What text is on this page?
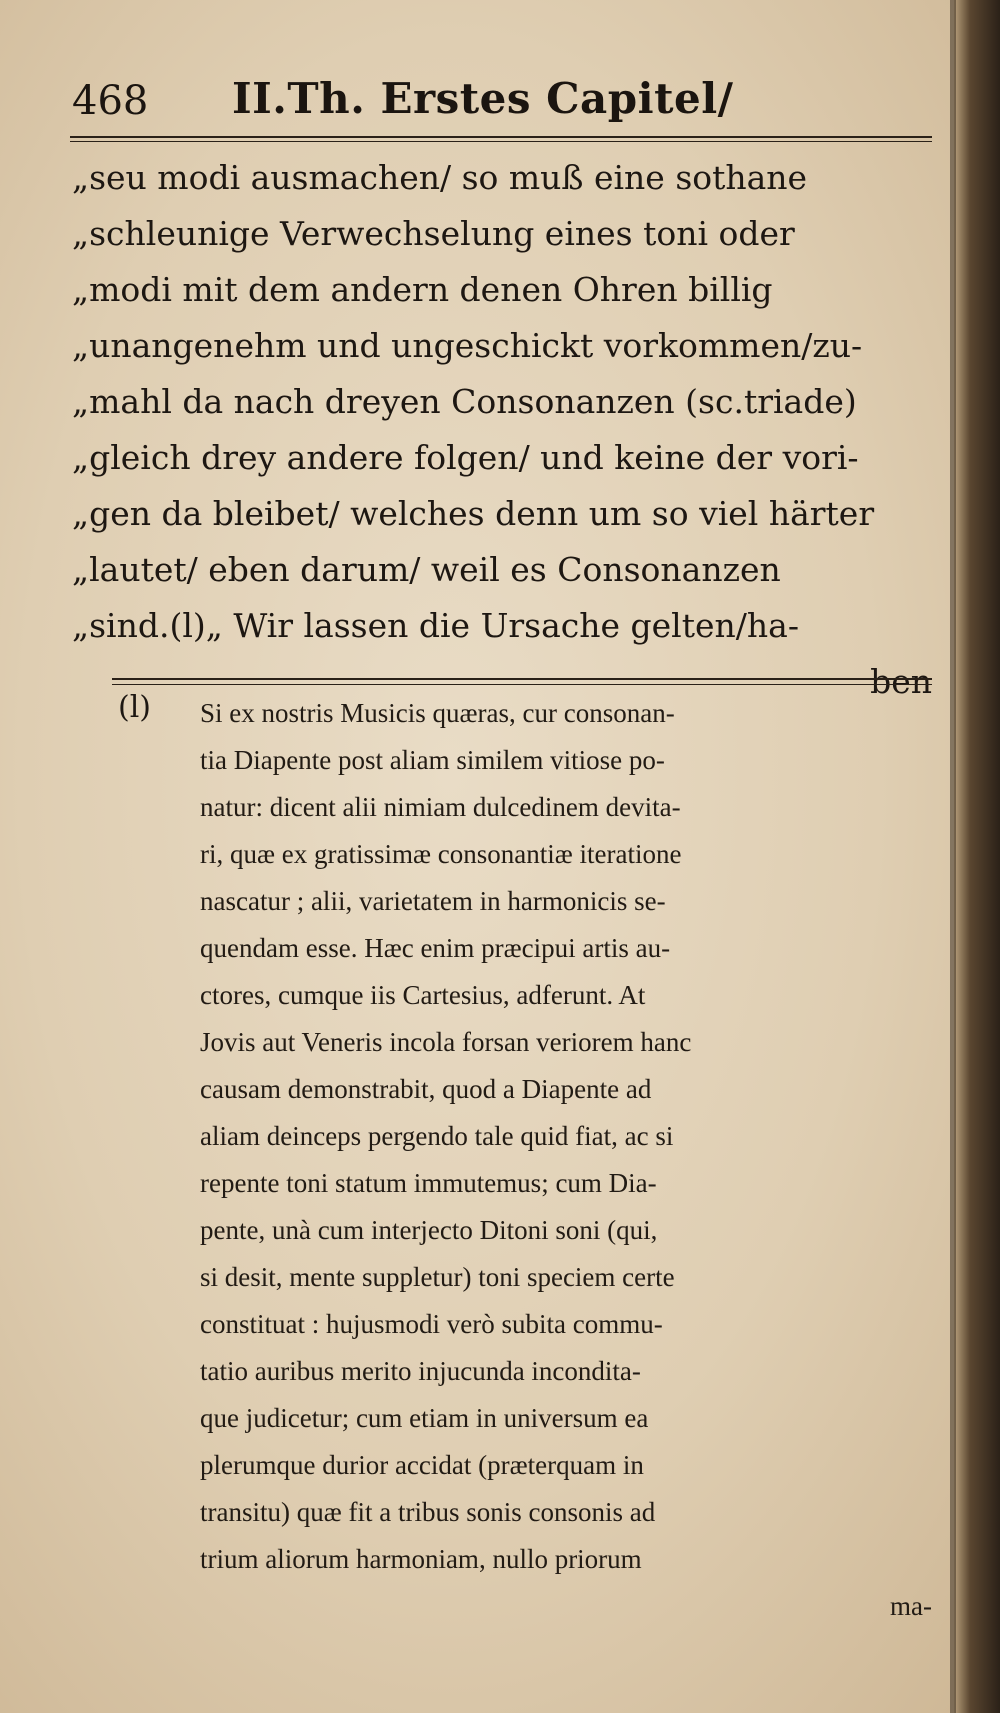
468 II.Th. Erstes Capitel/
„seu modi ausmachen/ so muß eine sothane
„schleunige Verwechselung eines toni oder
„modi mit dem andern denen Ohren billig
„unangenehm und ungeschickt vorkommen/zu-
„mahl da nach dreyen Consonanzen (sc.triade)
„gleich drey andere folgen/ und keine der vori-
„gen da bleibet/ welches denn um so viel härter
„lautet/ eben darum/ weil es Consonanzen
„sind.(l)„ Wir lassen die Ursache gelten/ha-
ben
(l) Si ex nostris Musicis quæras, cur consonan-
tia Diapente post aliam similem vitiose po-
natur: dicent alii nimiam dulcedinem devita-
ri, quæ ex gratissimæ consonantiæ iteratione
nascatur ; alii, varietatem in harmonicis se-
quendam esse. Hæc enim præcipui artis au-
ctores, cumque iis Cartesius, adferunt. At
Jovis aut Veneris incola forsan veriorem hanc
causam demonstrabit, quod a Diapente ad
aliam deinceps pergendo tale quid fiat, ac si
repente toni statum immutemus; cum Dia-
pente, unà cum interjecto Ditoni soni (qui,
si desit, mente suppletur) toni speciem certe
constituat : hujusmodi verò subita commu-
tatio auribus merito injucunda incondita-
que judicetur; cum etiam in universum ea
plerumque durior accidat (præterquam in
transitu) quæ fit a tribus sonis consonis ad
trium aliorum harmoniam, nullo priorum
ma-
